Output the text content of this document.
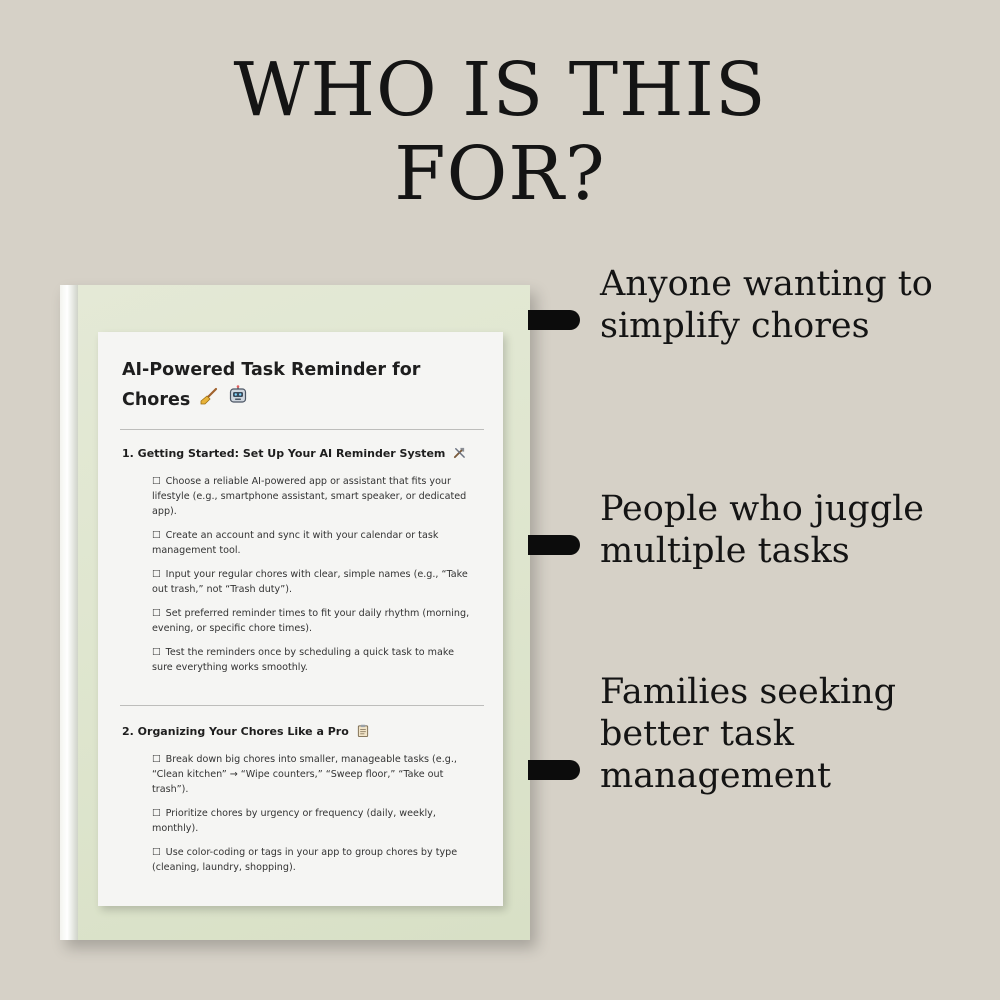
WHO IS THIS
FOR?
AI-Powered Task Reminder for Chores
1. Getting Started: Set Up Your AI Reminder System
☐ Choose a reliable AI-powered app or assistant that fits your lifestyle (e.g., smartphone assistant, smart speaker, or dedicated app).
☐ Create an account and sync it with your calendar or task management tool.
☐ Input your regular chores with clear, simple names (e.g., “Take out trash,” not “Trash duty”).
☐ Set preferred reminder times to fit your daily rhythm (morning, evening, or specific chore times).
☐ Test the reminders once by scheduling a quick task to make sure everything works smoothly.
2. Organizing Your Chores Like a Pro
☐ Break down big chores into smaller, manageable tasks (e.g., “Clean kitchen” → “Wipe counters,” “Sweep floor,” “Take out trash”).
☐ Prioritize chores by urgency or frequency (daily, weekly, monthly).
☐ Use color-coding or tags in your app to group chores by type (cleaning, laundry, shopping).
Anyone wanting to
simplify chores
People who juggle
multiple tasks
Families seeking
better task
management
